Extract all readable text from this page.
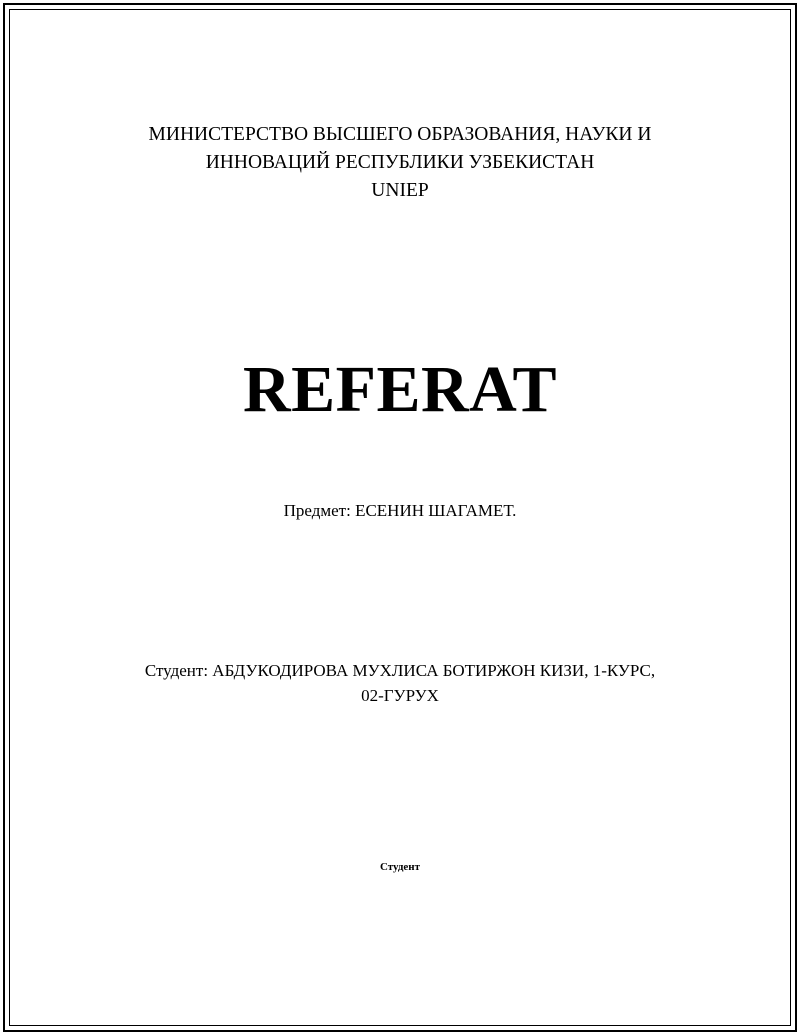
МИНИСТЕРСТВО ВЫСШЕГО ОБРАЗОВАНИЯ, НАУКИ И
ИННОВАЦИЙ РЕСПУБЛИКИ УЗБЕКИСТАН
UNIEP
REFERAT
Предмет: ЕСЕНИН ШАГАМЕТ.
Студент: АБДУКОДИРОВА МУХЛИСА БОТИРЖОН КИЗИ, 1-КУРС,
02-ГУРУХ
Студент
